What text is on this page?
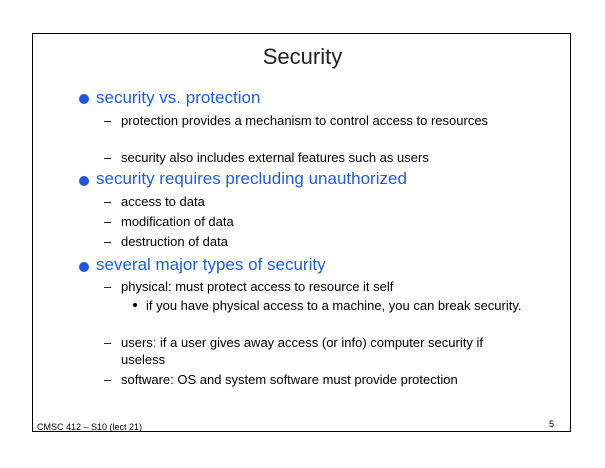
Security
security vs. protection
– protection provides a mechanism to control access to resources
– security also includes external features such as users
security requires precluding unauthorized
– access to data
– modification of data
– destruction of data
several major types of security
– physical: must protect access to resource it self
if you have physical access to a machine, you can break security.
– users: if a user gives away access (or info) computer security if useless
– software: OS and system software must provide protection
CMSC 412 – S10 (lect 21)	5
